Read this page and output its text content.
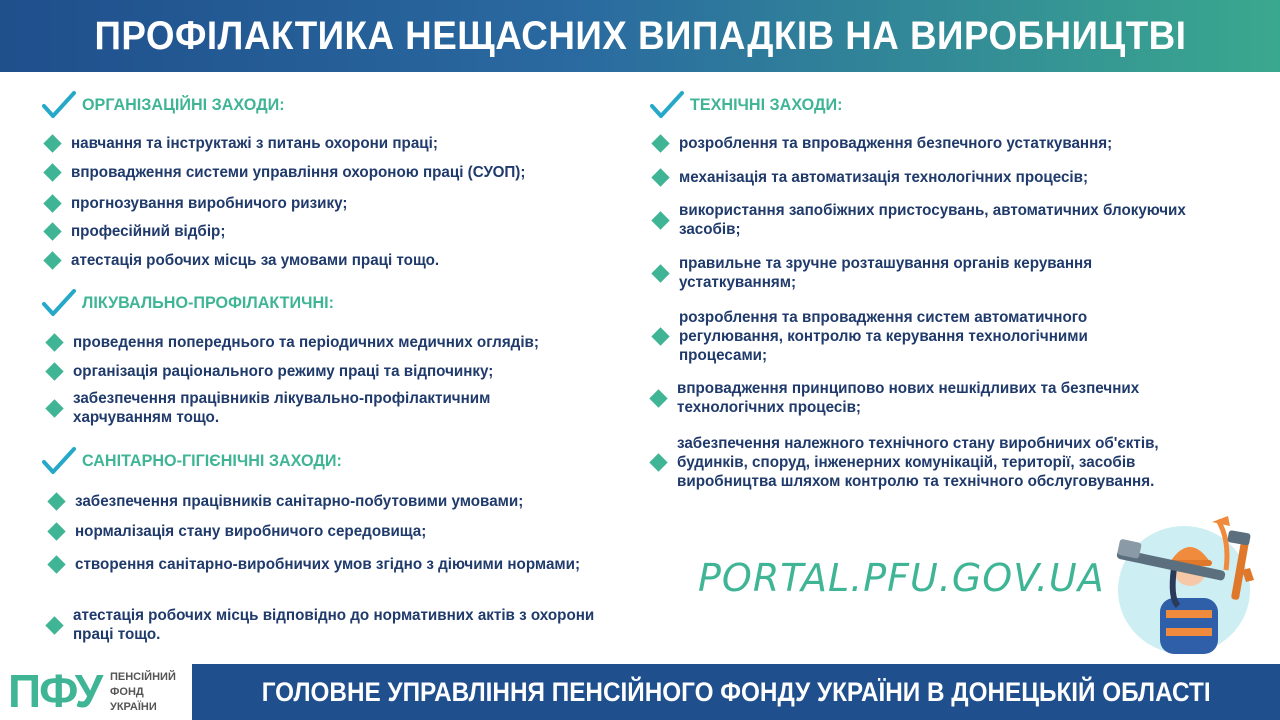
ПРОФІЛАКТИКА НЕЩАСНИХ ВИПАДКІВ НА ВИРОБНИЦТВІ
ОРГАНІЗАЦІЙНІ ЗАХОДИ:
навчання та інструктажі з питань охорони праці;
впровадження системи управління охороною праці (СУОП);
прогнозування виробничого ризику;
професійний відбір;
атестація робочих місць за умовами праці тощо.
ЛІКУВАЛЬНО-ПРОФІЛАКТИЧНІ:
проведення попереднього та періодичних медичних оглядів;
організація раціонального режиму праці та відпочинку;
забезпечення працівників лікувально-профілактичним харчуванням тощо.
САНІТАРНО-ГІГІЄНІЧНІ ЗАХОДИ:
забезпечення працівників санітарно-побутовими умовами;
нормалізація стану виробничого середовища;
створення санітарно-виробничих умов згідно з діючими нормами;
атестація робочих місць відповідно до нормативних актів з охорони праці тощо.
ТЕХНІЧНІ ЗАХОДИ:
розроблення та впровадження безпечного устаткування;
механізація та автоматизація технологічних процесів;
використання запобіжних пристосувань, автоматичних блокуючих засобів;
правильне та зручне розташування органів керування устаткуванням;
розроблення та впровадження систем автоматичного регулювання, контролю та керування технологічними процесами;
впровадження принципово нових нешкідливих та безпечних технологічних процесів;
забезпечення належного технічного стану виробничих об'єктів, будинків, споруд, інженерних комунікацій, території, засобів виробництва шляхом контролю та технічного обслуговування.
PORTAL.PFU.GOV.UA
ПФУ ПЕНСІЙНИЙ ФОНД УКРАЇНИ
ГОЛОВНЕ УПРАВЛІННЯ ПЕНСІЙНОГО ФОНДУ УКРАЇНИ В ДОНЕЦЬКІЙ ОБЛАСТІ
